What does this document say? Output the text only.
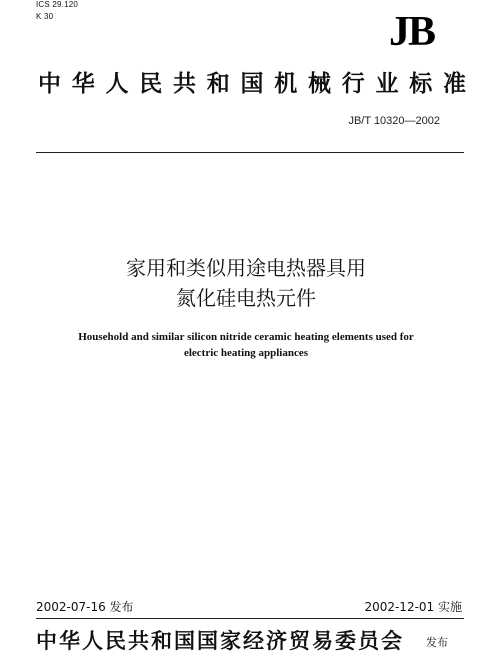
ICS 29.120
K 30	JB
中 华 人 民 共 和 国 机 械 行 业 标 准
JB/T 10320—2002
家用和类似用途电热器具用
氮化硅电热元件
Household and similar silicon nitride ceramic heating elements used for
electric heating appliances
2002-07-16 发布	2002-12-01 实施
中华人民共和国国家经济贸易委员会 发布
